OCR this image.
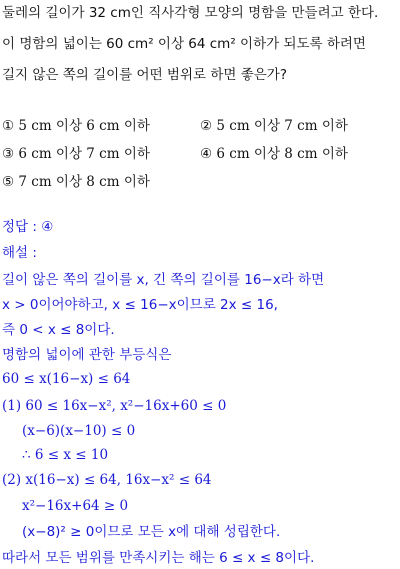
둘레의 길이가 32 cm인 직사각형 모양의 명함을 만들려고 한다.
이 명함의 넓이는 60 cm² 이상 64 cm² 이하가 되도록 하려면
길지 않은 쪽의 길이를 어떤 범위로 하면 좋은가?
① 5 cm 이상 6 cm 이하	② 5 cm 이상 7 cm 이하
③ 6 cm 이상 7 cm 이하	④ 6 cm 이상 8 cm 이하
⑤ 7 cm 이상 8 cm 이하
정답 : ④
해설 :
길이 않은 쪽의 길이를 x, 긴 쪽의 길이를 16−x라 하면
x > 0이어야하고, x ≤ 16−x이므로 2x ≤ 16,
즉 0 < x ≤ 8이다.
명함의 넓이에 관한 부등식은
60 ≤ x(16−x) ≤ 64
(1) 60 ≤ 16x−x², x²−16x+60 ≤ 0
(x−6)(x−10) ≤ 0
∴ 6 ≤ x ≤ 10
(2) x(16−x) ≤ 64, 16x−x² ≤ 64
x²−16x+64 ≥ 0
(x−8)² ≥ 0이므로 모든 x에 대해 성립한다.
따라서 모든 범위를 만족시키는 해는 6 ≤ x ≤ 8이다.
